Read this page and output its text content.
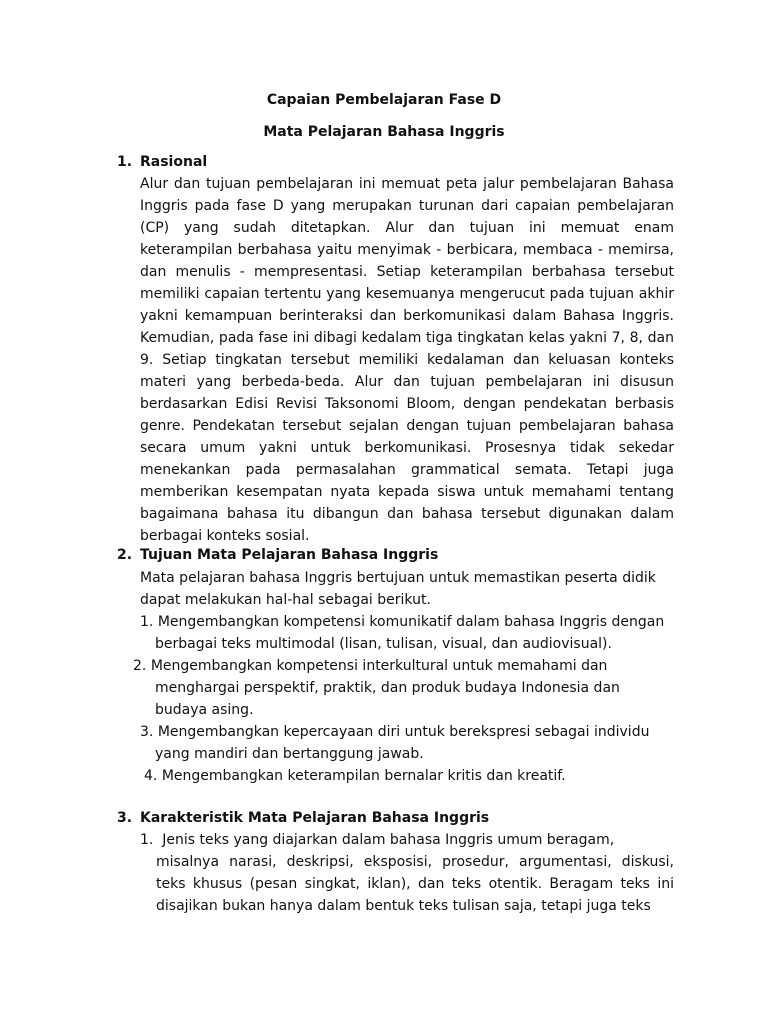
Capaian Pembelajaran Fase D

Mata Pelajaran Bahasa Inggris

1. Rasional

Alur dan tujuan pembelajaran ini memuat peta jalur pembelajaran Bahasa Inggris pada fase D yang merupakan turunan dari capaian pembelajaran (CP) yang sudah ditetapkan. Alur dan tujuan ini memuat enam keterampilan berbahasa yaitu menyimak - berbicara, membaca - memirsa, dan menulis - mempresentasi. Setiap keterampilan berbahasa tersebut memiliki capaian tertentu yang kesemuanya mengerucut pada tujuan akhir yakni kemampuan berinteraksi dan berkomunikasi dalam Bahasa Inggris. Kemudian, pada fase ini dibagi kedalam tiga tingkatan kelas yakni 7, 8, dan 9. Setiap tingkatan tersebut memiliki kedalaman dan keluasan konteks materi yang berbeda-beda. Alur dan tujuan pembelajaran ini disusun berdasarkan Edisi Revisi Taksonomi Bloom, dengan pendekatan berbasis genre. Pendekatan tersebut sejalan dengan tujuan pembelajaran bahasa secara umum yakni untuk berkomunikasi. Prosesnya tidak sekedar menekankan pada permasalahan grammatical semata. Tetapi juga memberikan kesempatan nyata kepada siswa untuk memahami tentang bagaimana bahasa itu dibangun dan bahasa tersebut digunakan dalam berbagai konteks sosial.

2. Tujuan Mata Pelajaran Bahasa Inggris

Mata pelajaran bahasa Inggris bertujuan untuk memastikan peserta didik dapat melakukan hal-hal sebagai berikut.

1. Mengembangkan kompetensi komunikatif dalam bahasa Inggris dengan
berbagai teks multimodal (lisan, tulisan, visual, dan audiovisual).
2. Mengembangkan kompetensi interkultural untuk memahami dan
menghargai perspektif, praktik, dan produk budaya Indonesia dan budaya asing.
3. Mengembangkan kepercayaan diri untuk berekspresi sebagai individu
yang mandiri dan bertanggung jawab.
4. Mengembangkan keterampilan bernalar kritis dan kreatif.

3. Karakteristik Mata Pelajaran Bahasa Inggris

1. Jenis teks yang diajarkan dalam bahasa Inggris umum beragam,
misalnya narasi, deskripsi, eksposisi, prosedur, argumentasi, diskusi, teks khusus (pesan singkat, iklan), dan teks otentik. Beragam teks ini disajikan bukan hanya dalam bentuk teks tulisan saja, tetapi juga teks
